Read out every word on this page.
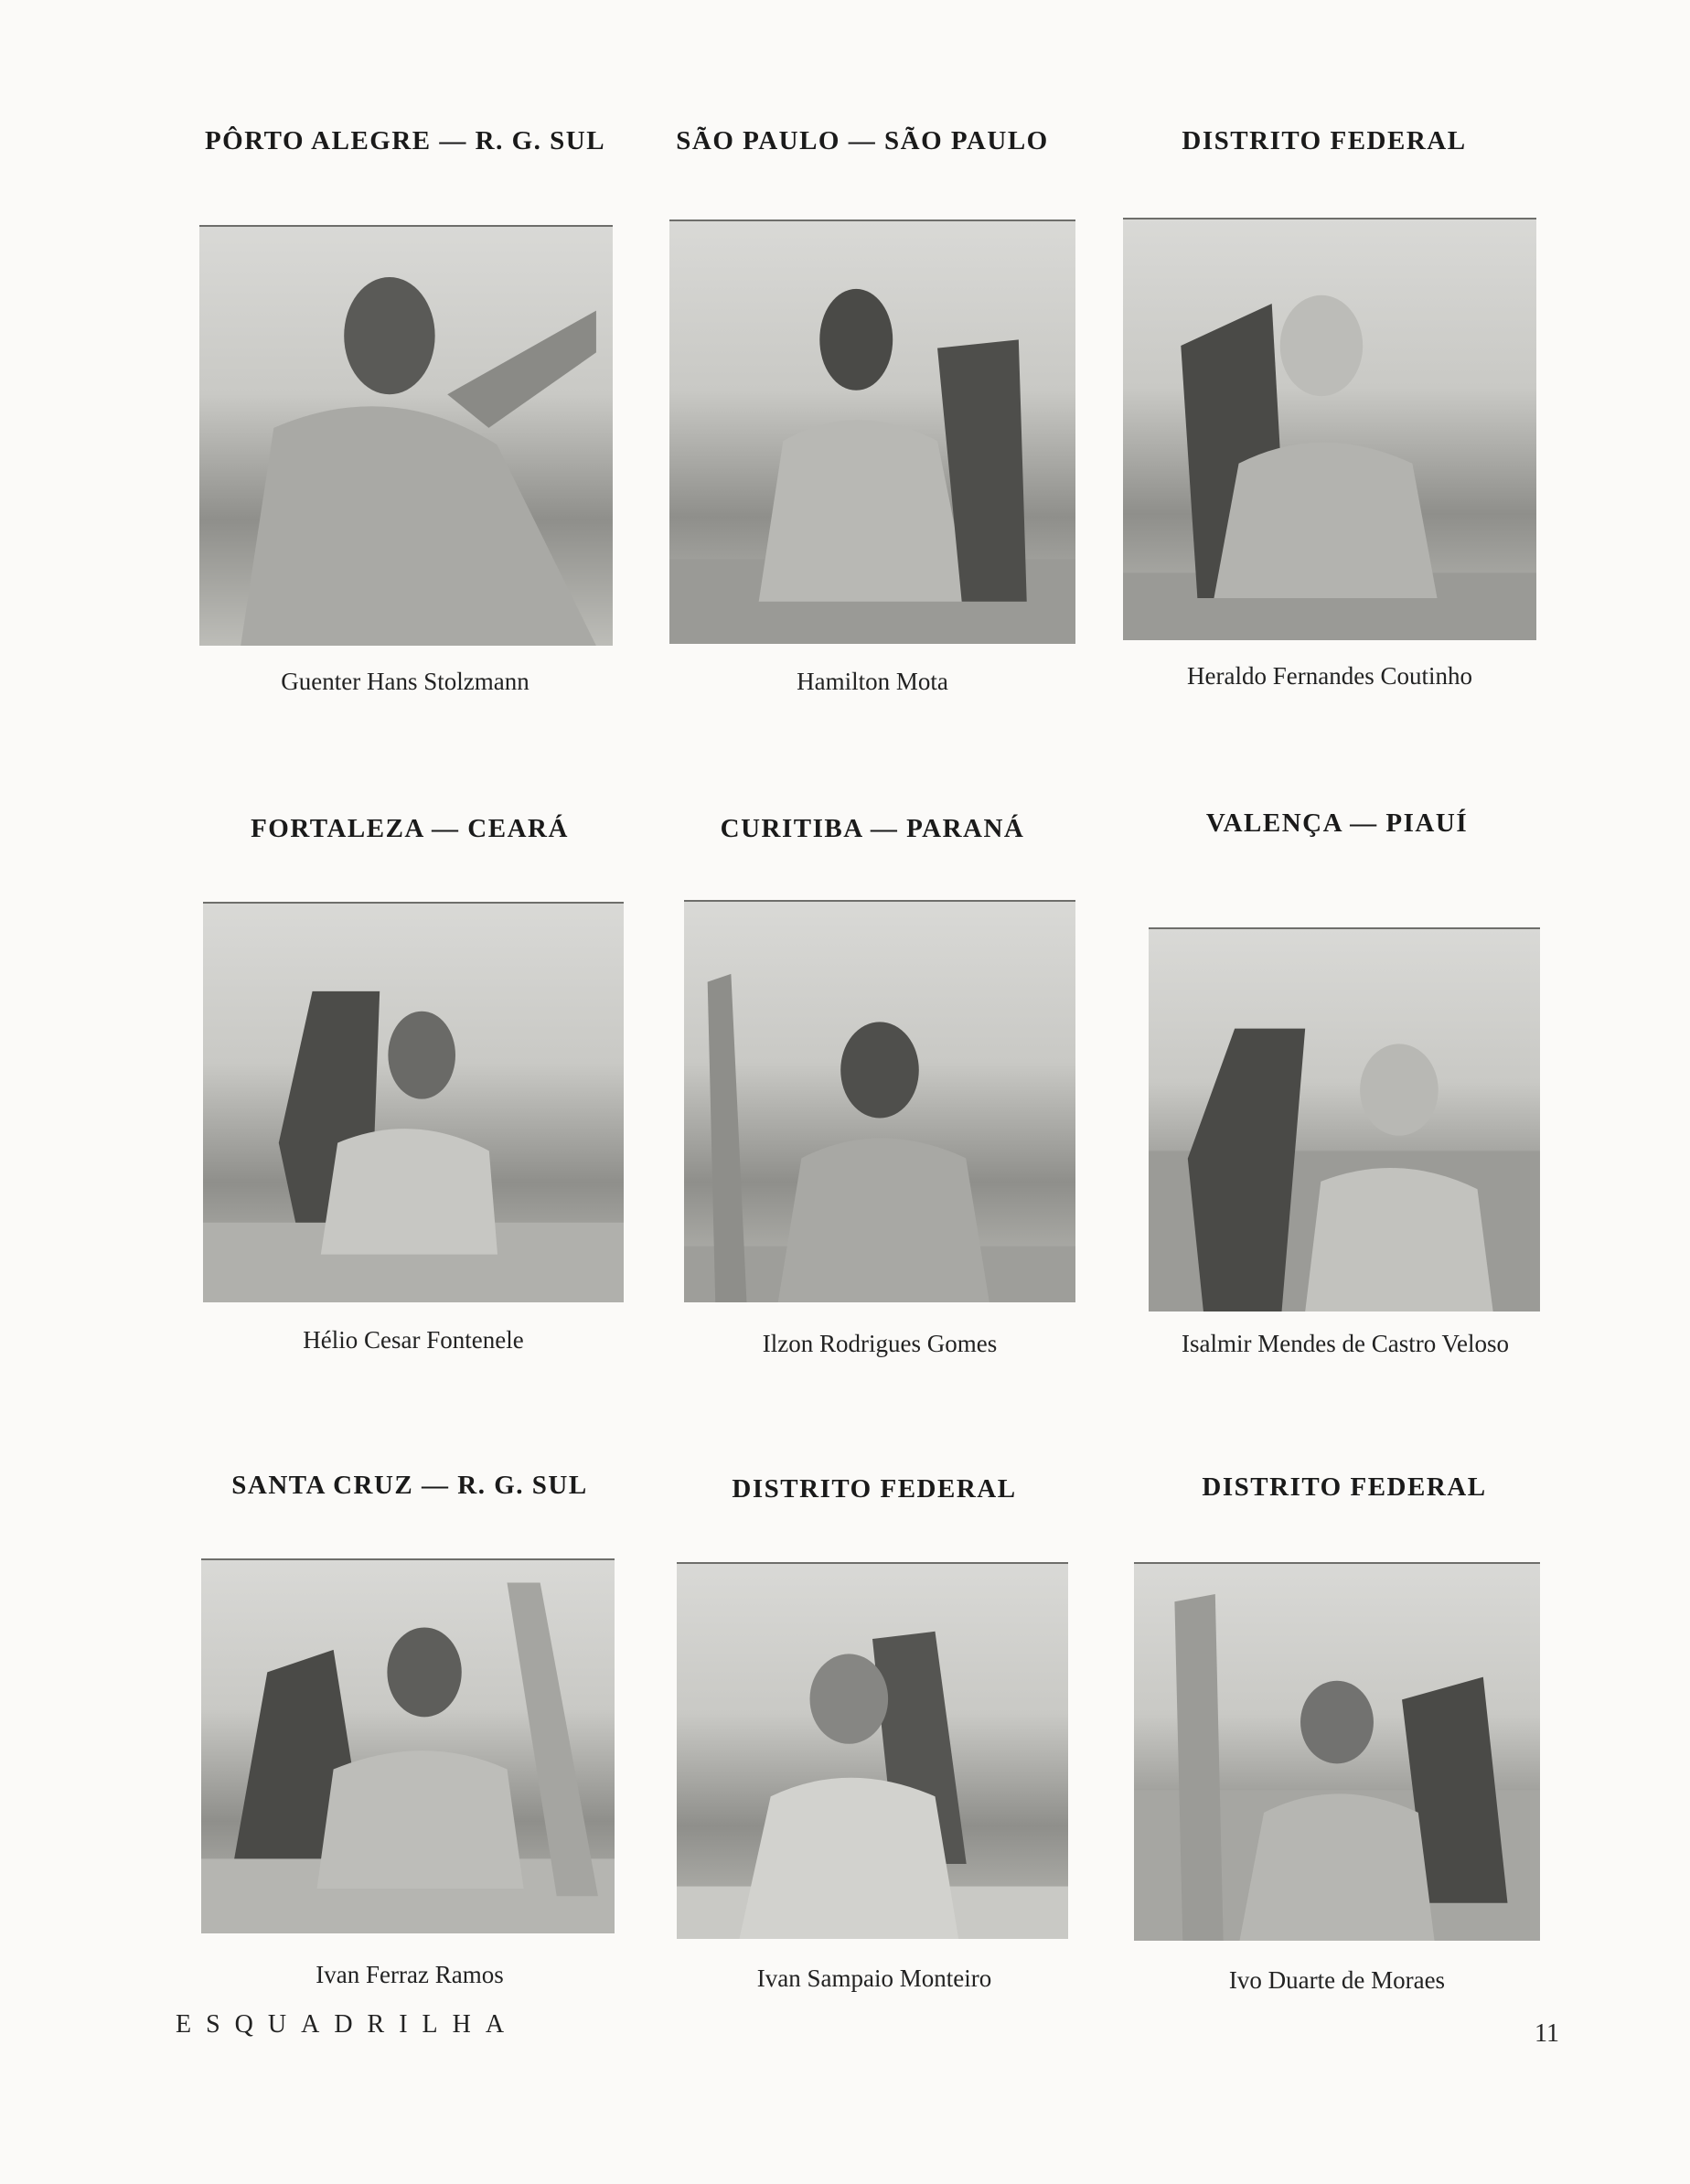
PÔRTO ALEGRE — R. G. SUL	SÃO PAULO — SÃO PAULO	DISTRITO FEDERAL
Guenter Hans Stolzmann	Hamilton Mota	Heraldo Fernandes Coutinho
FORTALEZA — CEARÁ	CURITIBA — PARANÁ	VALENÇA — PIAUÍ
Hélio Cesar Fontenele	Ilzon Rodrigues Gomes	Isalmir Mendes de Castro Veloso
SANTA CRUZ — R. G. SUL	DISTRITO FEDERAL	DISTRITO FEDERAL
Ivan Ferraz Ramos	Ivan Sampaio Monteiro	Ivo Duarte de Moraes
ESQUADRILHA	11
